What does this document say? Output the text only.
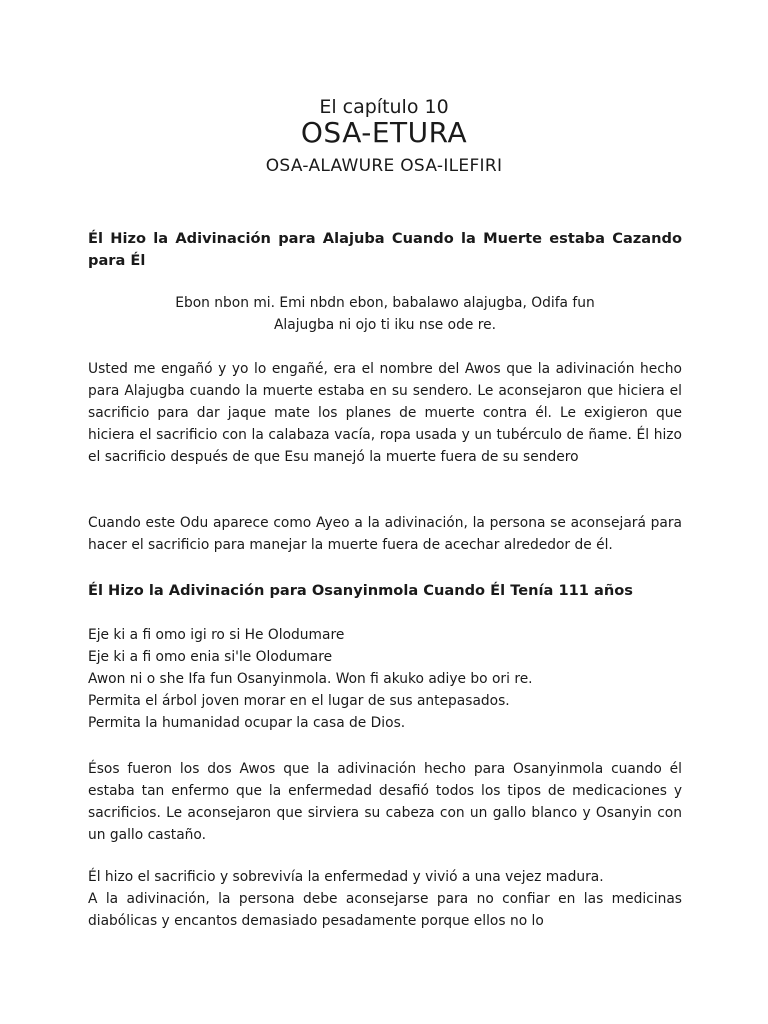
El capítulo 10
OSA-ETURA
OSA-ALAWURE OSA-ILEFIRI
Él Hizo la Adivinación para Alajuba Cuando la Muerte estaba Cazando para Él
Ebon nbon mi. Emi nbdn ebon, babalawo alajugba, Odifa fun
Alajugba ni ojo ti iku nse ode re.
Usted me engañó y yo lo engañé, era el nombre del Awos que la adivinación hecho para Alajugba cuando la muerte estaba en su sendero. Le aconsejaron que hiciera el sacrificio para dar jaque mate los planes de muerte contra él. Le exigieron que hiciera el sacrificio con la calabaza vacía, ropa usada y un tubérculo de ñame. Él hizo el sacrificio después de que Esu manejó la muerte fuera de su sendero
Cuando este Odu aparece como Ayeo a la adivinación, la persona se aconsejará para hacer el sacrificio para manejar la muerte fuera de acechar alrededor de él.
Él Hizo la Adivinación para Osanyinmola Cuando Él Tenía 111 años
Eje ki a fi omo igi ro si He Olodumare
Eje ki a fi omo enia si'le Olodumare
Awon ni o she Ifa fun Osanyinmola. Won fi akuko adiye bo ori re.
Permita el árbol joven morar en el lugar de sus antepasados.
Permita la humanidad ocupar la casa de Dios.
Ésos fueron los dos Awos que la adivinación hecho para Osanyinmola cuando él estaba tan enfermo que la enfermedad desafió todos los tipos de medicaciones y sacrificios. Le aconsejaron que sirviera su cabeza con un gallo blanco y Osanyin con un gallo castaño.
Él hizo el sacrificio y sobrevivía la enfermedad y vivió a una vejez madura.
A la adivinación, la persona debe aconsejarse para no confiar en las medicinas diabólicas y encantos demasiado pesadamente porque ellos no lo
